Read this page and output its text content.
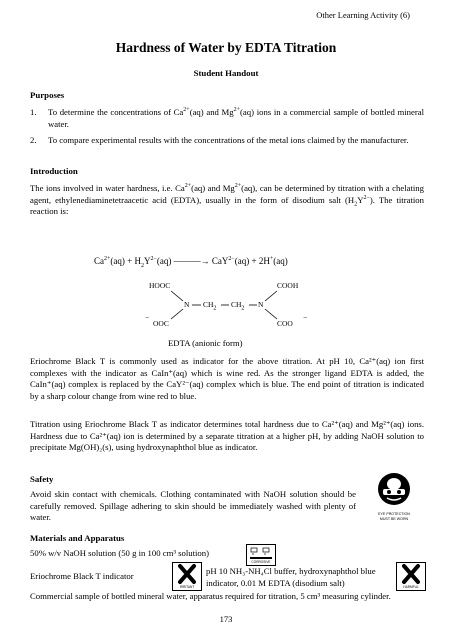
Other Learning Activity (6)
Hardness of Water by EDTA Titration
Student Handout
Purposes
1. To determine the concentrations of $Ca^{2+}(aq)$ and $Mg^{2+}(aq)$ ions in a commercial sample of bottled mineral water.
2. To compare experimental results with the concentrations of the metal ions claimed by the manufacturer.
Introduction
The ions involved in water hardness, i.e. $Ca^{2+}(aq)$ and $Mg^{2+}(aq)$, can be determined by titration with a chelating agent, ethylenediaminetetraacetic acid (EDTA), usually in the form of disodium salt $(H_2Y^{2-})$. The titration reaction is:
$Ca^{2+}(aq) + H_2Y^{2-}(aq)$ ———→ CaY$^{2-}$(aq) + 2H+(aq)
HOOC	COOH
−
OOC	COO
−
N $CH_2$ $CH_2$ N
EDTA (anionic form)
Eriochrome Black T is commonly used as indicator for the above titration. At pH 10, Ca²⁺(aq) ion first complexes with the indicator as CaIn⁺(aq) which is wine red. As the stronger ligand EDTA is added, the CaIn⁺(aq) complex is replaced by the CaY²⁻(aq) complex which is blue. The end point of titration is indicated by a sharp colour change from wine red to blue.
Titration using Eriochrome Black T as indicator determines total hardness due to Ca²⁺(aq) and Mg²⁺(aq) ions. Hardness due to Ca²⁺(aq) ion is determined by a separate titration at a higher pH, by adding NaOH solution to precipitate Mg(OH)₂(s), using hydroxynaphthol blue as indicator.
Safety
Avoid skin contact with chemicals. Clothing contaminated with NaOH solution should be carefully removed. Spillage adhering to skin should be immediately washed with plenty of water.	EYE PROTECTION
MUST BE WORN
Materials and Apparatus
50% w/v NaOH solution (50 g in 100 cm³ solution)
CORROSIVE
Eriochrome Black T indicator
IRRITANT
pH 10 NH₃-NH₄Cl buffer, hydroxynaphthol blue indicator, 0.01 M EDTA (disodium salt)	HARMFUL
Commercial sample of bottled mineral water, apparatus required for titration, 5 cm³ measuring cylinder.
173
